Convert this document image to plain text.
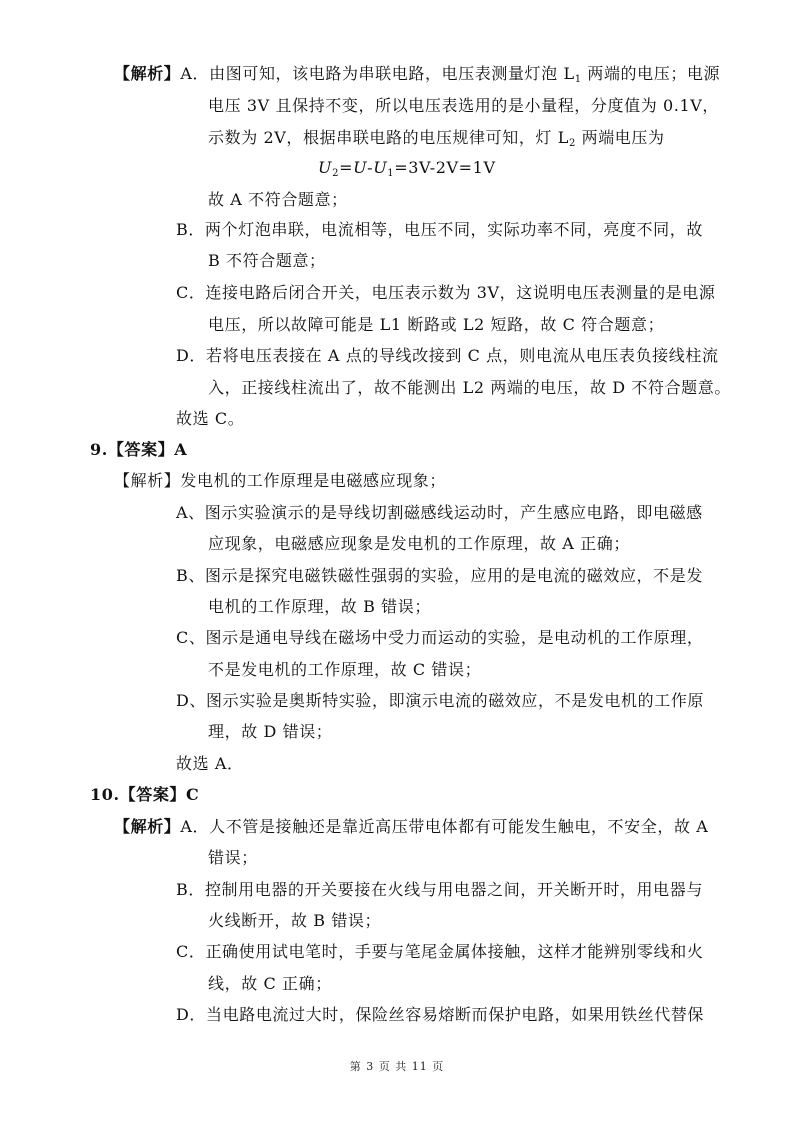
【解析】A．由图可知，该电路为串联电路，电压表测量灯泡 $L_1$ 两端的电压；电源
电压 3V 且保持不变，所以电压表选用的是小量程，分度值为 0.1V，
示数为 2V，根据串联电路的电压规律可知，灯 $L_2$ 两端电压为
$U_2=U-U_1=3V-2V=1V$
故 A 不符合题意；
B．两个灯泡串联，电流相等，电压不同，实际功率不同，亮度不同，故
B 不符合题意；
C．连接电路后闭合开关，电压表示数为 3V，这说明电压表测量的是电源
电压，所以故障可能是 L1 断路或 L2 短路，故 C 符合题意；
D．若将电压表接在 A 点的导线改接到 C 点，则电流从电压表负接线柱流
入，正接线柱流出了，故不能测出 L2 两端的电压，故 D 不符合题意。
故选 C。
9.【答案】A
【解析】发电机的工作原理是电磁感应现象；
A、图示实验演示的是导线切割磁感线运动时，产生感应电路，即电磁感
应现象，电磁感应现象是发电机的工作原理，故 A 正确；
B、图示是探究电磁铁磁性强弱的实验，应用的是电流的磁效应，不是发
电机的工作原理，故 B 错误；
C、图示是通电导线在磁场中受力而运动的实验，是电动机的工作原理，
不是发电机的工作原理，故 C 错误；
D、图示实验是奥斯特实验，即演示电流的磁效应，不是发电机的工作原
理，故 D 错误；
故选 A．
10.【答案】C
【解析】A．人不管是接触还是靠近高压带电体都有可能发生触电，不安全，故 A
错误；
B．控制用电器的开关要接在火线与用电器之间，开关断开时，用电器与
火线断开，故 B 错误；
C．正确使用试电笔时，手要与笔尾金属体接触，这样才能辨别零线和火
线，故 C 正确；
D．当电路电流过大时，保险丝容易熔断而保护电路，如果用铁丝代替保
第 3 页 共 11 页
